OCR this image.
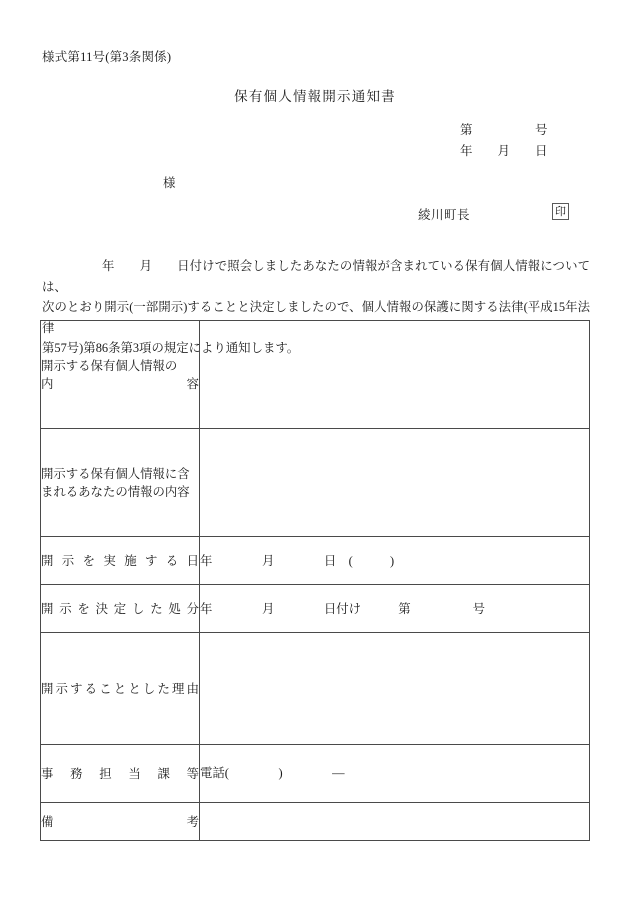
様式第11号(第3条関係)
保有個人情報開示通知書
第　　　　　号
年　　月　　日
様
綾川町長	印
年　　月　　日付けで照会しましたあなたの情報が含まれている保有個人情報については、
次のとおり開示(一部開示)することと決定しましたので、個人情報の保護に関する法律(平成15年法律
第57号)第86条第3項の規定により通知します。
開示する保有個人情報の
内　　　　　　　　　　容	

開示する保有個人情報に含
まれるあなたの情報の内容	

開示を実施する日	年　　　　月　　　　日　(　　　)

開示を決定した処分	年　　　　月　　　　日付け　　　第　　　　　号

開示することとした理由	

事務担当課等	電話(　　　　)　　　　—

備　　　　　　　　考	
